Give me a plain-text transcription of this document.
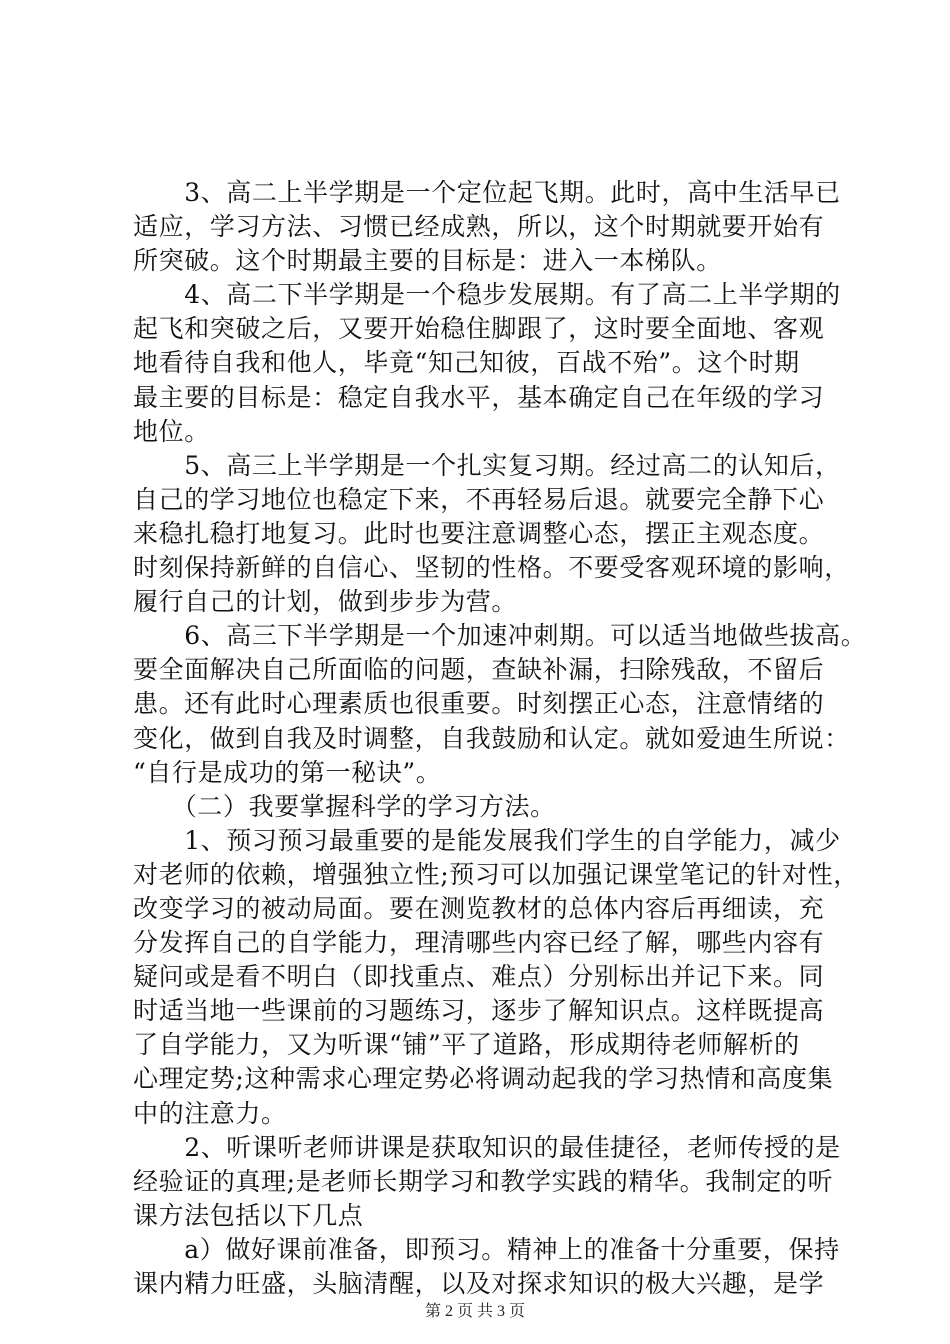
　　3、高二上半学期是一个定位起飞期。此时，高中生活早已
适应，学习方法、习惯已经成熟，所以，这个时期就要开始有
所突破。这个时期最主要的目标是：进入一本梯队。
　　4、高二下半学期是一个稳步发展期。有了高二上半学期的
起飞和突破之后，又要开始稳住脚跟了，这时要全面地、客观
地看待自我和他人，毕竟“知己知彼，百战不殆”。这个时期
最主要的目标是：稳定自我水平，基本确定自己在年级的学习
地位。
　　5、高三上半学期是一个扎实复习期。经过高二的认知后，
自己的学习地位也稳定下来，不再轻易后退。就要完全静下心
来稳扎稳打地复习。此时也要注意调整心态，摆正主观态度。
时刻保持新鲜的自信心、坚韧的性格。不要受客观环境的影响，
履行自己的计划，做到步步为营。
　　6、高三下半学期是一个加速冲刺期。可以适当地做些拔高。
要全面解决自己所面临的问题，查缺补漏，扫除残敌，不留后
患。还有此时心理素质也很重要。时刻摆正心态，注意情绪的
变化，做到自我及时调整，自我鼓励和认定。就如爱迪生所说：
“自行是成功的第一秘诀”。
　　（二）我要掌握科学的学习方法。
　　1、预习预习最重要的是能发展我们学生的自学能力，减少
对老师的依赖，增强独立性;预习可以加强记课堂笔记的针对性，
改变学习的被动局面。要在测览教材的总体内容后再细读，充
分发挥自己的自学能力，理清哪些内容已经了解，哪些内容有
疑问或是看不明白（即找重点、难点）分别标出并记下来。同
时适当地一些课前的习题练习，逐步了解知识点。这样既提高
了自学能力，又为听课“铺”平了道路，形成期待老师解析的
心理定势;这种需求心理定势必将调动起我的学习热情和高度集
中的注意力。
　　2、听课听老师讲课是获取知识的最佳捷径，老师传授的是
经验证的真理;是老师长期学习和教学实践的精华。我制定的听
课方法包括以下几点
　　a）做好课前准备，即预习。精神上的准备十分重要，保持
课内精力旺盛，头脑清醒，以及对探求知识的极大兴趣，是学
第 2 页 共 3 页
